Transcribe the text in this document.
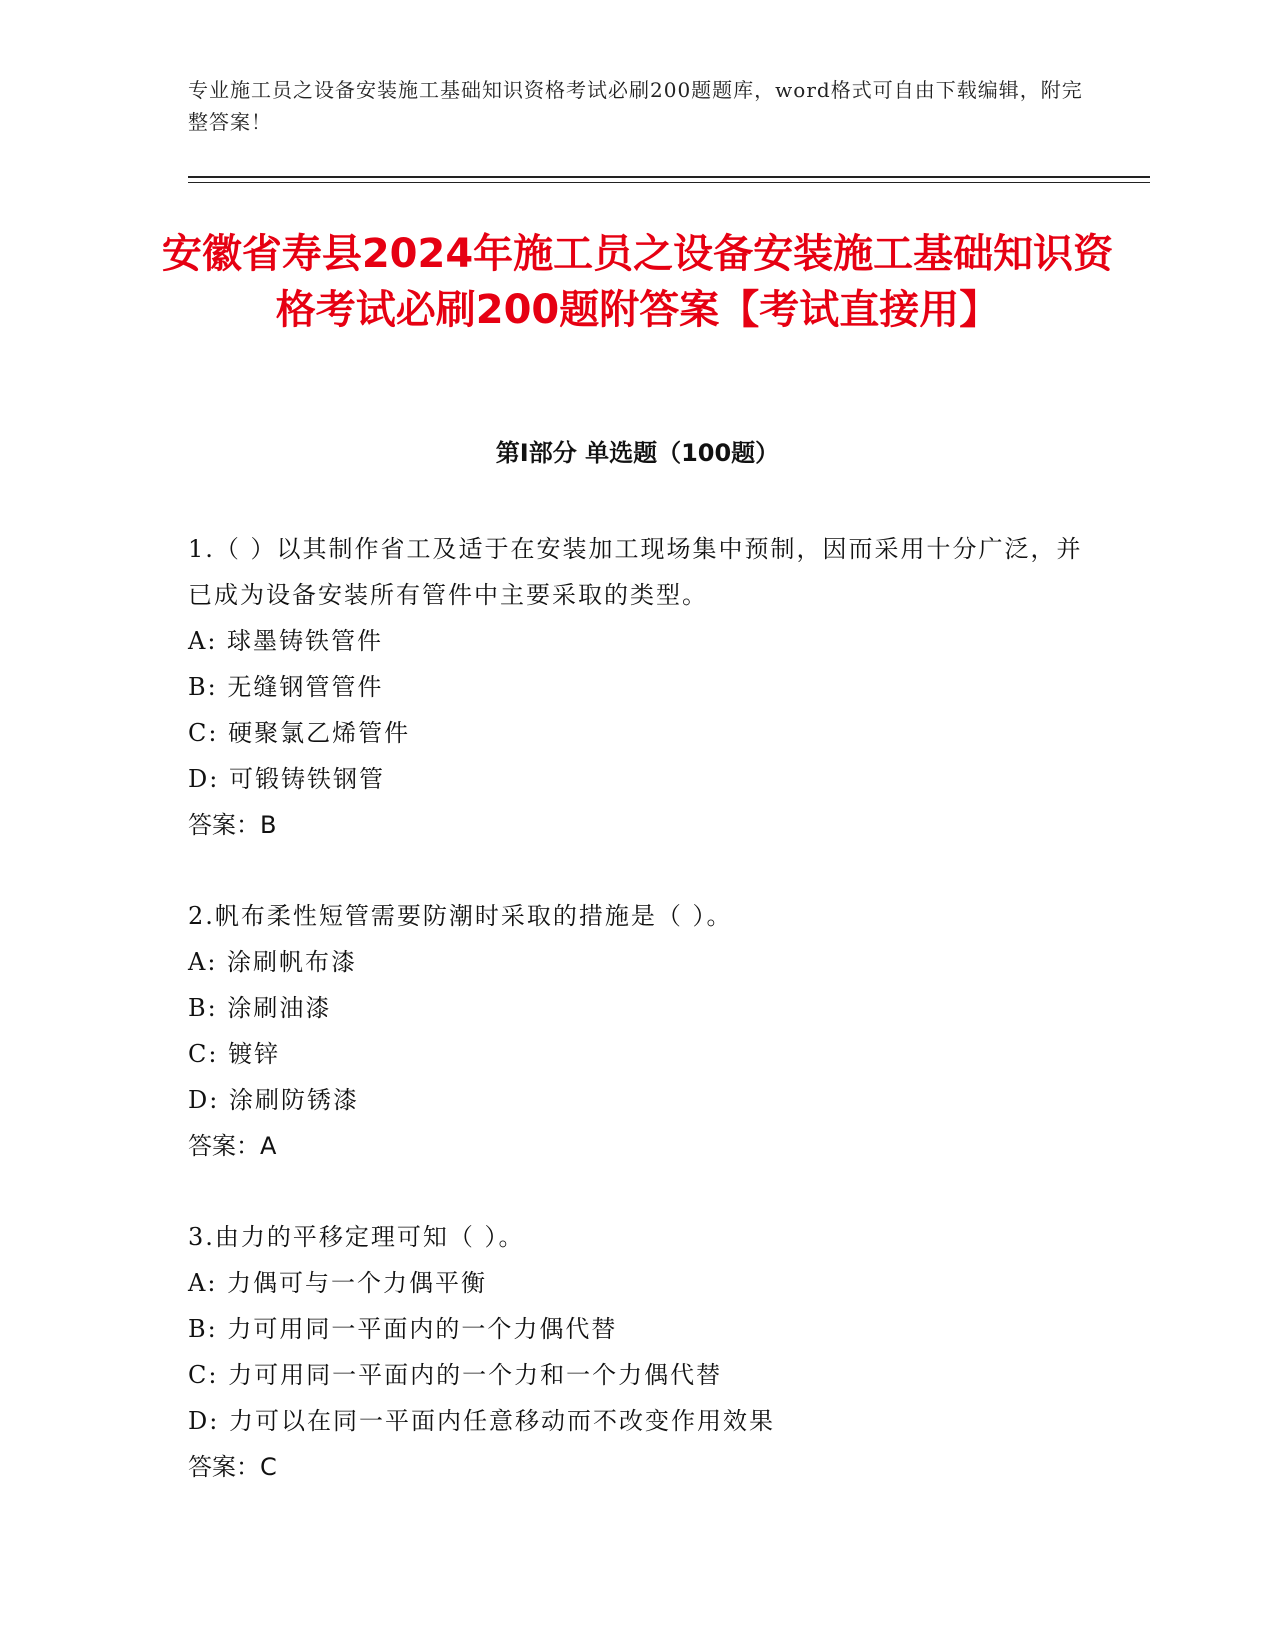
专业施工员之设备安装施工基础知识资格考试必刷200题题库，word格式可自由下载编辑，附完整答案！
安徽省寿县2024年施工员之设备安装施工基础知识资格考试必刷200题附答案【考试直接用】
第Ⅰ部分 单选题（100题）

1.（ ）以其制作省工及适于在安装加工现场集中预制，因而采用十分广泛，并已成为设备安装所有管件中主要采取的类型。

A: 球墨铸铁管件

B: 无缝钢管管件

C: 硬聚氯乙烯管件

D: 可锻铸铁钢管

答案：B

2.帆布柔性短管需要防潮时采取的措施是（ ）。

A: 涂刷帆布漆

B: 涂刷油漆

C: 镀锌

D: 涂刷防锈漆

答案：A

3.由力的平移定理可知（ ）。

A: 力偶可与一个力偶平衡

B: 力可用同一平面内的一个力偶代替

C: 力可用同一平面内的一个力和一个力偶代替

D: 力可以在同一平面内任意移动而不改变作用效果

答案：C
